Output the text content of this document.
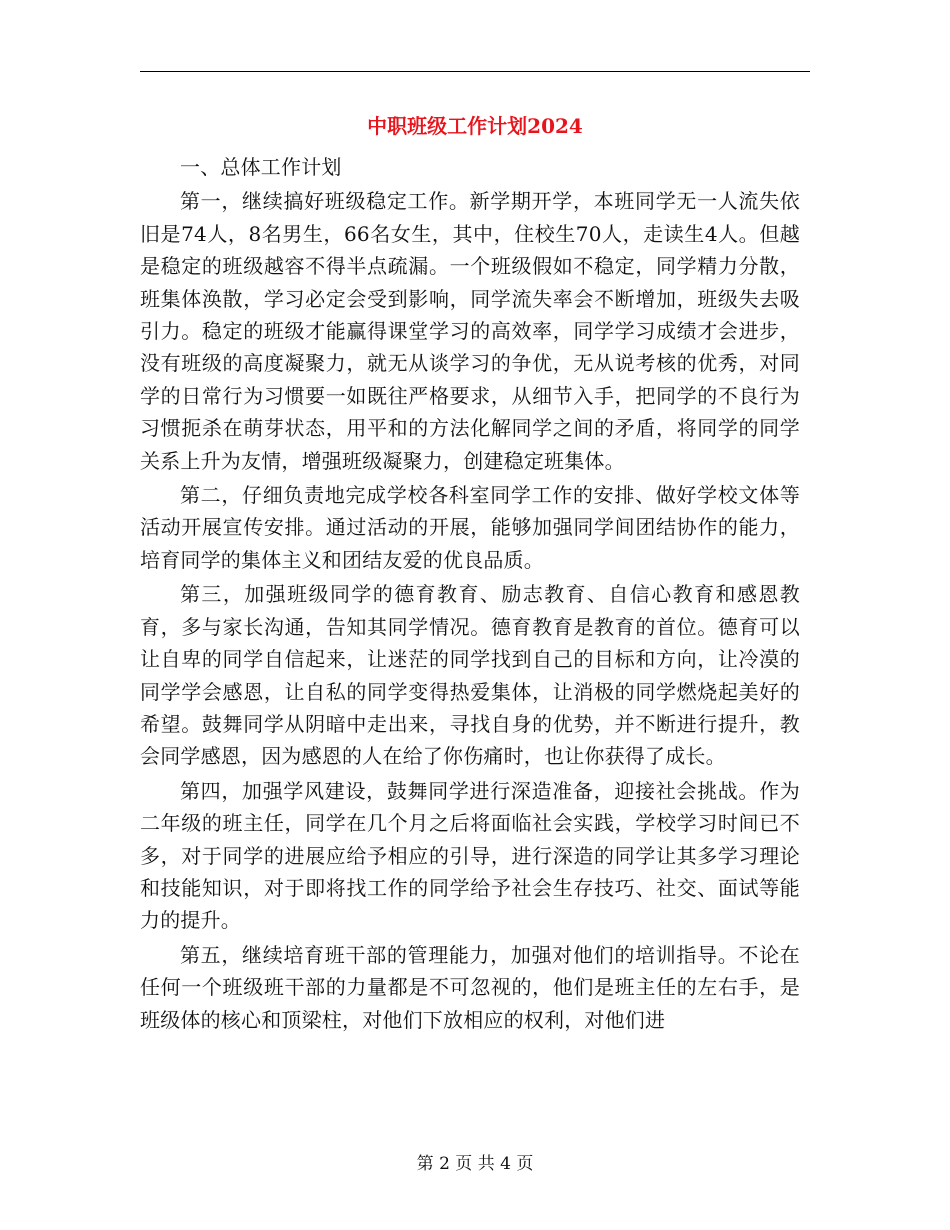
中职班级工作计划2024

一、总体工作计划

第一，继续搞好班级稳定工作。新学期开学，本班同学无一人流失依旧是74人，8名男生，66名女生，其中，住校生70人，走读生4人。但越是稳定的班级越容不得半点疏漏。一个班级假如不稳定，同学精力分散，班集体涣散，学习必定会受到影响，同学流失率会不断增加，班级失去吸引力。稳定的班级才能赢得课堂学习的高效率，同学学习成绩才会进步，没有班级的高度凝聚力，就无从谈学习的争优，无从说考核的优秀，对同学的日常行为习惯要一如既往严格要求，从细节入手，把同学的不良行为习惯扼杀在萌芽状态，用平和的方法化解同学之间的矛盾，将同学的同学关系上升为友情，增强班级凝聚力，创建稳定班集体。

第二，仔细负责地完成学校各科室同学工作的安排、做好学校文体等活动开展宣传安排。通过活动的开展，能够加强同学间团结协作的能力，培育同学的集体主义和团结友爱的优良品质。

第三，加强班级同学的德育教育、励志教育、自信心教育和感恩教育，多与家长沟通，告知其同学情况。德育教育是教育的首位。德育可以让自卑的同学自信起来，让迷茫的同学找到自己的目标和方向，让冷漠的同学学会感恩，让自私的同学变得热爱集体，让消极的同学燃烧起美好的希望。鼓舞同学从阴暗中走出来，寻找自身的优势，并不断进行提升，教会同学感恩，因为感恩的人在给了你伤痛时，也让你获得了成长。

第四，加强学风建设，鼓舞同学进行深造准备，迎接社会挑战。作为二年级的班主任，同学在几个月之后将面临社会实践，学校学习时间已不多，对于同学的进展应给予相应的引导，进行深造的同学让其多学习理论和技能知识，对于即将找工作的同学给予社会生存技巧、社交、面试等能力的提升。

第五，继续培育班干部的管理能力，加强对他们的培训指导。不论在任何一个班级班干部的力量都是不可忽视的，他们是班主任的左右手，是班级体的核心和顶梁柱，对他们下放相应的权利，对他们进

第 2 页 共 4 页
